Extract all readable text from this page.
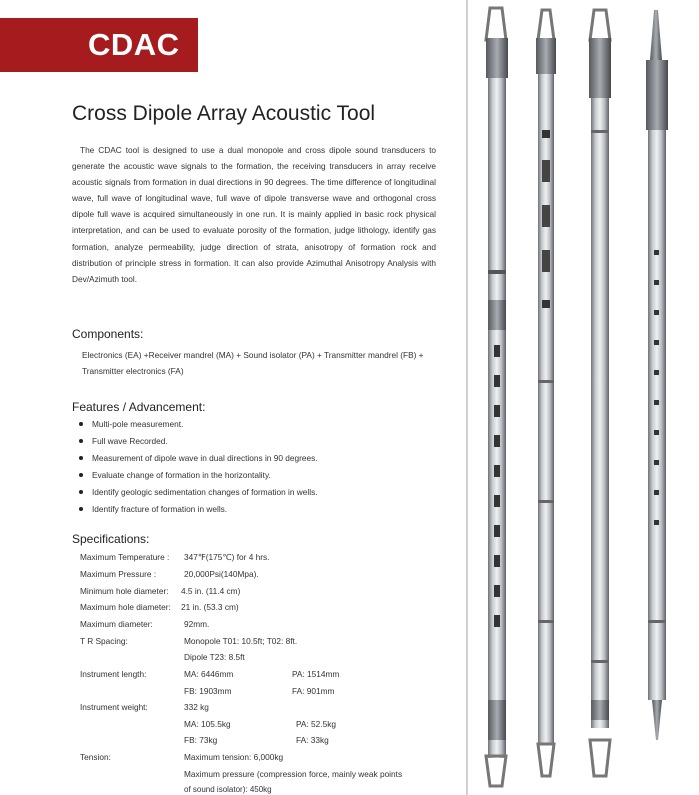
CDAC
Cross Dipole Array Acoustic Tool

The CDAC tool is designed to use a dual monopole and cross dipole sound transducers to generate the acoustic wave signals to the formation, the receiving transducers in array receive acoustic signals from formation in dual directions in 90 degrees. The time difference of longitudinal wave, full wave of longitudinal wave, full wave of dipole transverse wave and orthogonal cross dipole full wave is acquired simultaneously in one run. It is mainly applied in basic rock physical interpretation, and can be used to evaluate porosity of the formation, judge lithology, identify gas formation, analyze permeability, judge direction of strata, anisotropy of formation rock and distribution of principle stress in formation. It can also provide Azimuthal Anisotropy Analysis with Dev/Azimuth tool.

Components:

Electronics (EA) +Receiver mandrel (MA) + Sound isolator (PA) + Transmitter mandrel (FB) + Transmitter electronics (FA)

Features / Advancement:
Multi-pole measurement.
Full wave Recorded.
Measurement of dipole wave in dual directions in 90 degrees.
Evaluate change of formation in the horizontality.
Identify geologic sedimentation changes of formation in wells.
Identify fracture of formation in wells.
Specifications:
Maximum Temperature : 347℉(175℃) for 4 hrs.
Maximum Pressure :	20,000Psi(140Mpa).
Minimum hole diameter: 4.5 in. (11.4 cm)
Maximum hole diameter: 21 in. (53.3 cm)
Maximum diameter:	92mm.
T R Spacing:	Monopole T01: 10.5ft; T02: 8ft.
Dipole T23: 8.5ft
Instrument length:	MA: 6446mm	PA: 1514mm
FB: 1903mm	FA: 901mm
Instrument weight:	332 kg
MA: 105.5kg	PA: 52.5kg
FB: 73kg	FA: 33kg
Tension:	Maximum tension: 6,000kg
Maximum pressure (compression force, mainly weak points
of sound isolator): 450kg
